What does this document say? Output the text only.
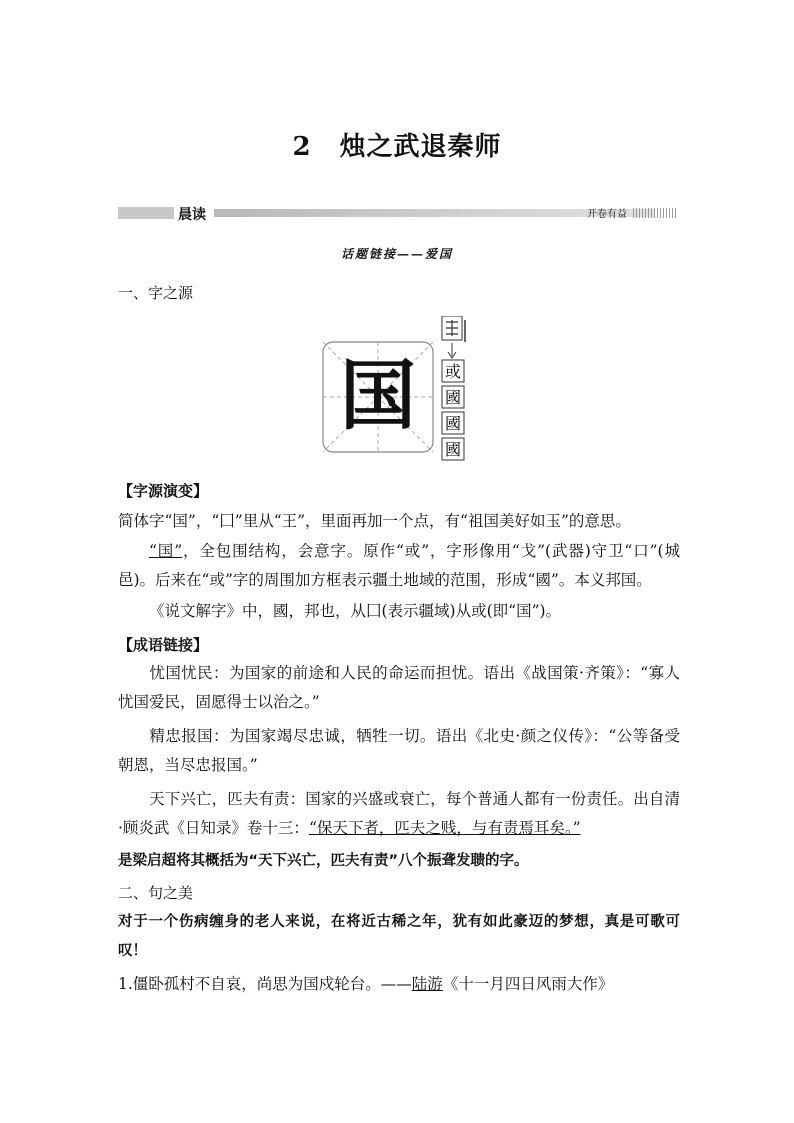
2 烛之武退秦师
晨读	开卷有益
话题链接——爱国
一、字之源
国 或
國
國
國
【字源演变】
简体字“国”，“囗”里从“王”，里面再加一个点，有“祖国美好如玉”的意思。
“国”，全包围结构，会意字。原作“或”，字形像用“戈”(武器)守卫“口”(城邑)。后来在“或”字的周围加方框表示疆土地域的范围，形成“國”。本义邦国。
《说文解字》中，國，邦也，从囗(表示疆域)从或(即“国”)。
【成语链接】
忧国忧民：为国家的前途和人民的命运而担忧。语出《战国策·齐策》：“寡人忧国爱民，固愿得士以治之。”
精忠报国：为国家竭尽忠诚，牺牲一切。语出《北史·颜之仪传》：“公等备受朝恩，当尽忠报国。”
天下兴亡，匹夫有责：国家的兴盛或衰亡，每个普通人都有一份责任。出自清·顾炎武《日知录》卷十三：“保天下者，匹夫之贱，与有责焉耳矣。”
是梁启超将其概括为“天下兴亡，匹夫有责”八个振聋发聩的字。
二、句之美
对于一个伤病缠身的老人来说，在将近古稀之年，犹有如此豪迈的梦想，真是可歌可叹！
1.僵卧孤村不自哀，尚思为国戍轮台。——陆游《十一月四日风雨大作》
